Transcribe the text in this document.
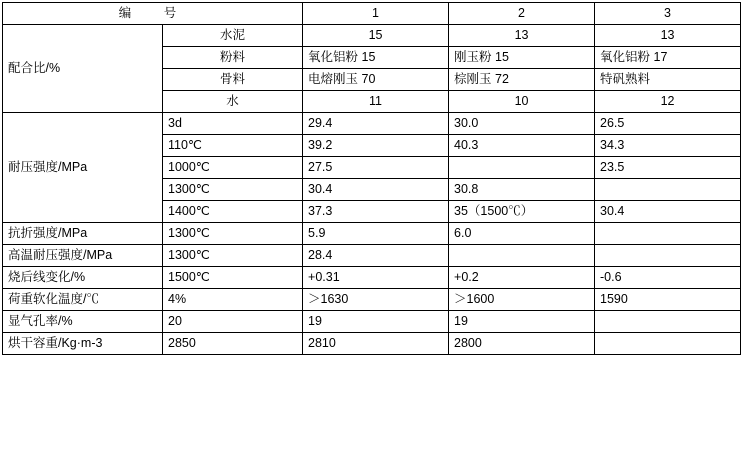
编　号		1	2	3
配合比/%	水泥	15	13	13
	粉料	氧化铝粉 15	刚玉粉 15	氧化铝粉 17
	骨料	电熔刚玉 70	棕刚玉 72	特矾熟料
	水	11	10	12
耐压强度/MPa	3d	29.4	30.0	26.5
	110℃	39.2	40.3	34.3
	1000℃	27.5		23.5
	1300℃	30.4	30.8	
	1400℃	37.3	35（1500℃）	30.4
抗折强度/MPa	1300℃	5.9	6.0	
高温耐压强度/MPa	1300℃	28.4		
烧后线变化/%	1500℃	+0.31	+0.2	-0.6
荷重软化温度/℃	4%	＞1630	＞1600	1590
显气孔率/%	20	19	19	
烘干容重/Kg·m-3	2850	2810	2800	
